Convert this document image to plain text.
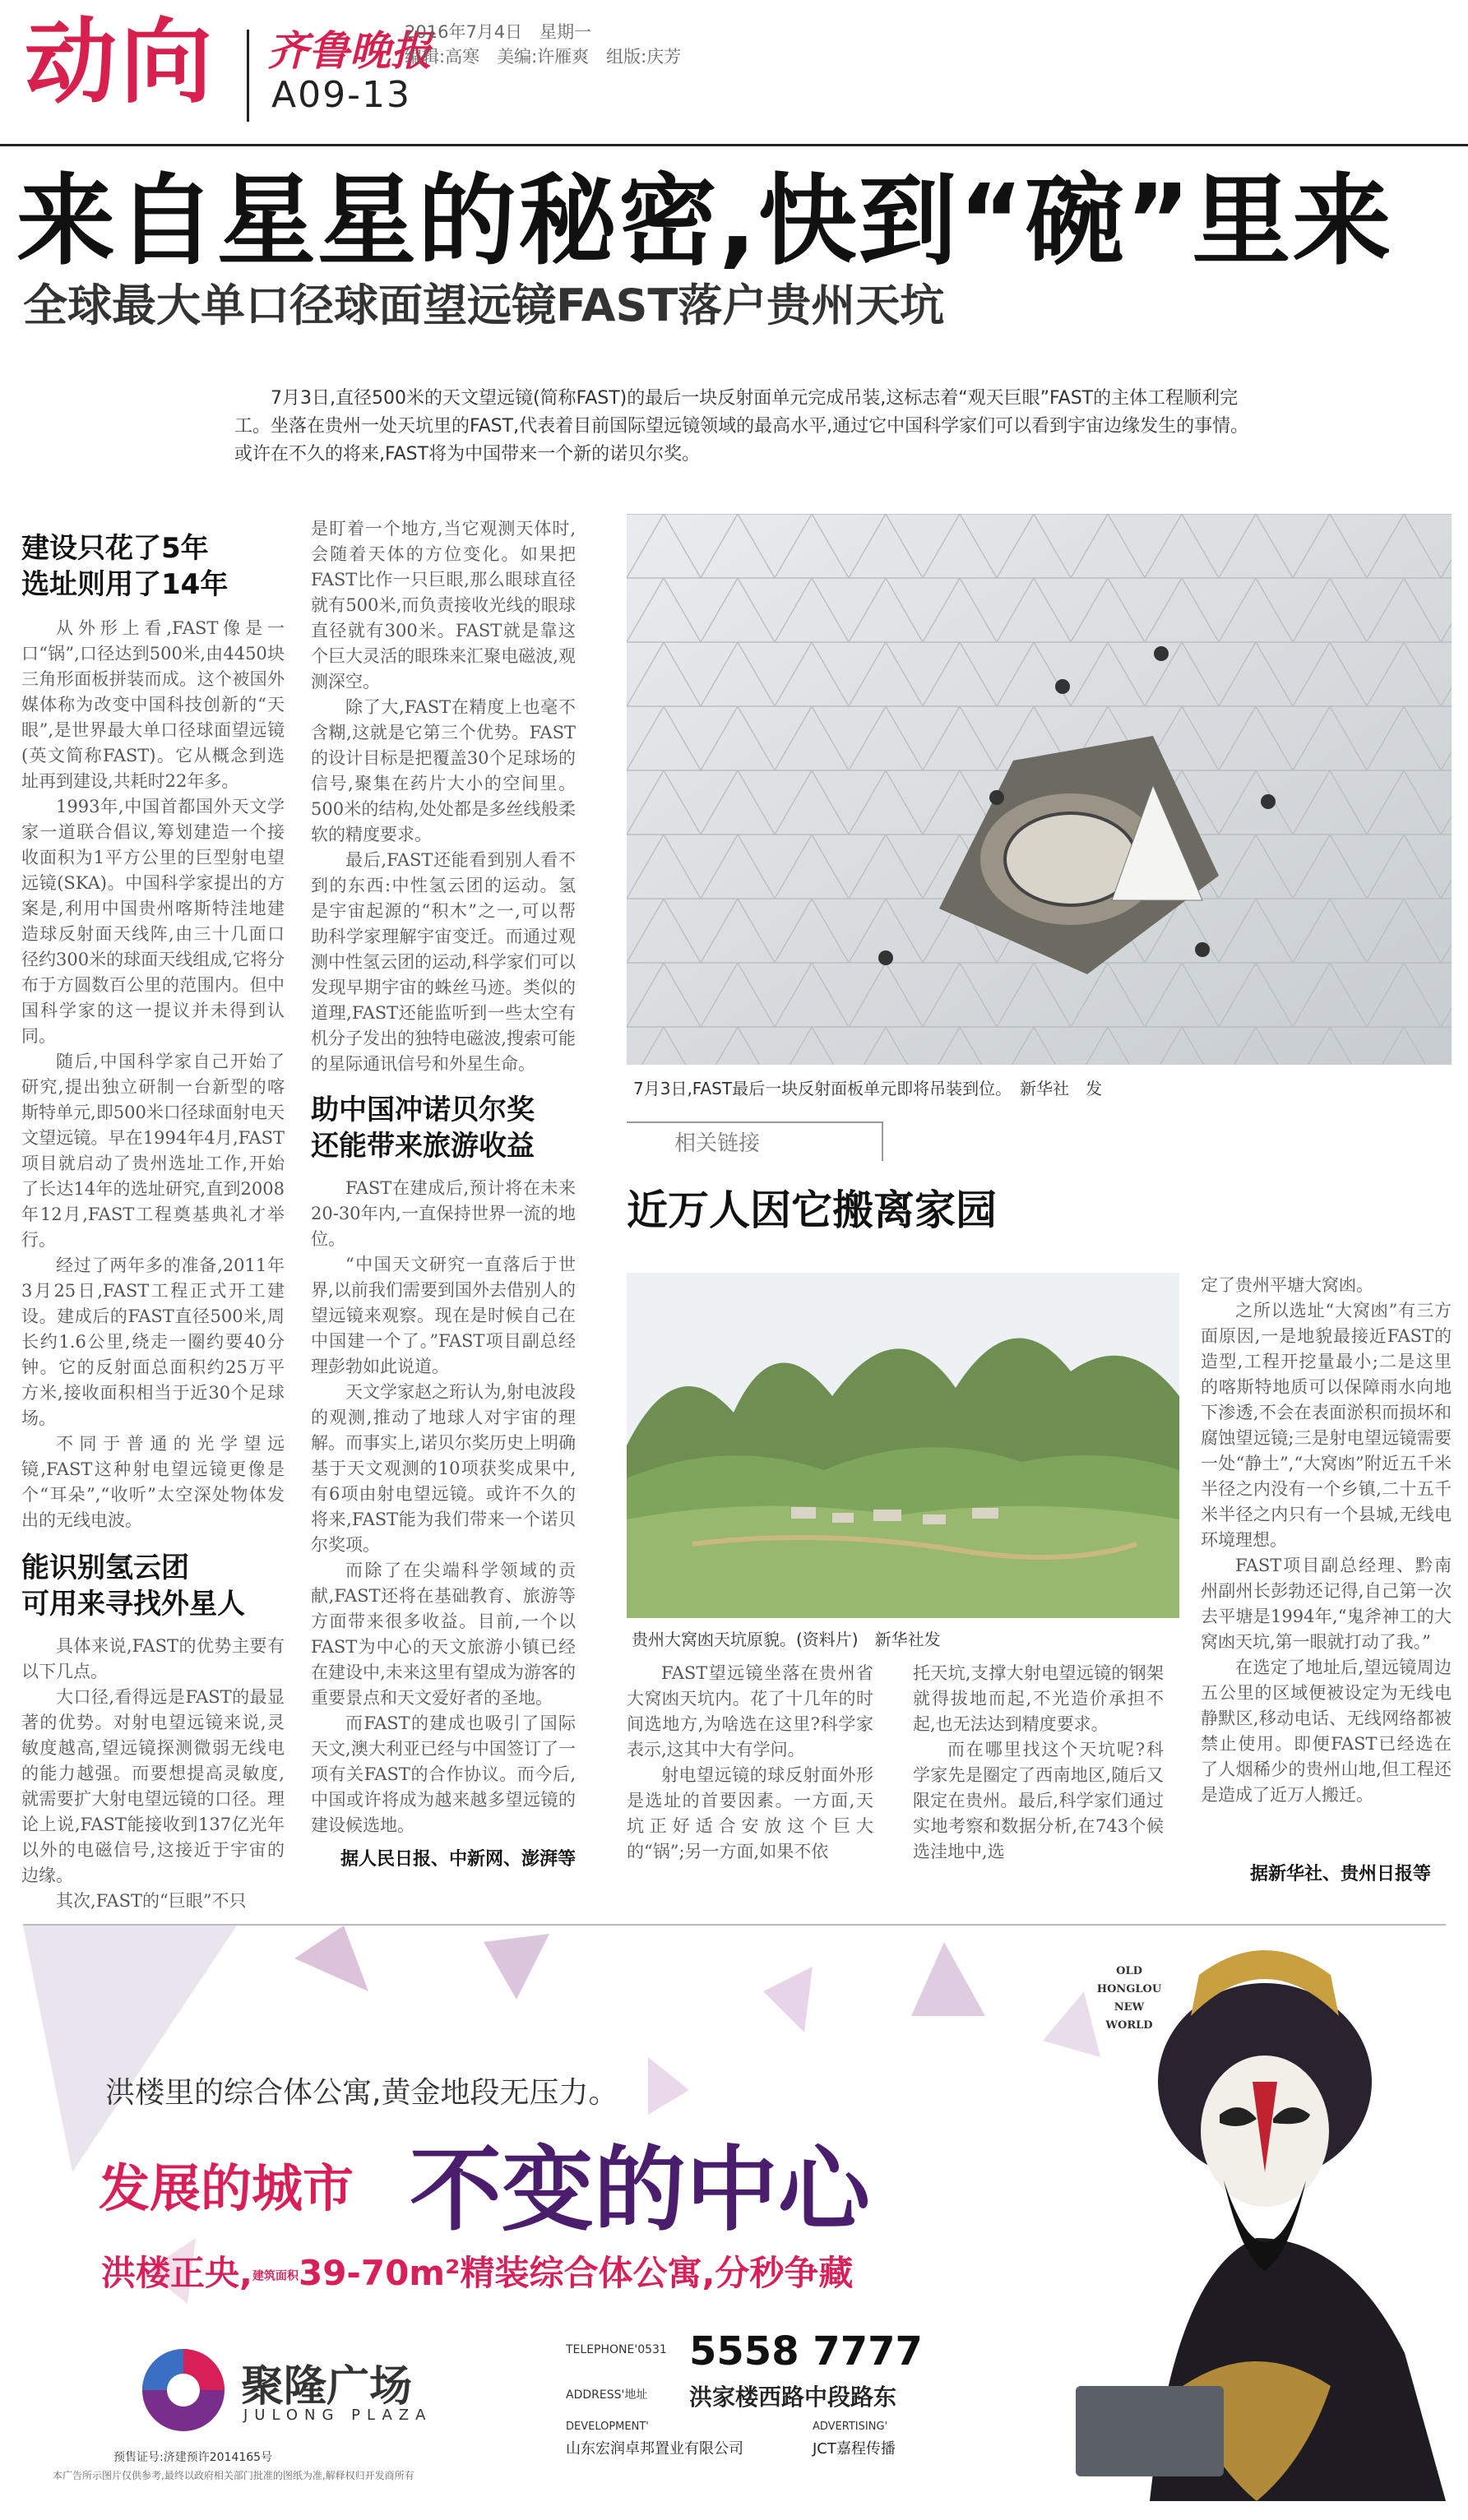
动向 齐鲁晚报
A09-13
2016年7月4日　星期一
编辑:高寒　美编:许雁爽　组版:庆芳
来自星星的秘密,快到“碗”里来
全球最大单口径球面望远镜FAST落户贵州天坑
7月3日,直径500米的天文望远镜(简称FAST)的最后一块反射面单元完成吊装,这标志着“观天巨眼”FAST的主体工程顺利完工。坐落在贵州一处天坑里的FAST,代表着目前国际望远镜领域的最高水平,通过它中国科学家们可以看到宇宙边缘发生的事情。或许在不久的将来,FAST将为中国带来一个新的诺贝尔奖。
建设只花了5年
选址则用了14年

从外形上看,FAST像是一口“锅”,口径达到500米,由4450块三角形面板拼装而成。这个被国外媒体称为改变中国科技创新的“天眼”,是世界最大单口径球面望远镜(英文简称FAST)。它从概念到选址再到建设,共耗时22年多。

1993年,中国首都国外天文学家一道联合倡议,筹划建造一个接收面积为1平方公里的巨型射电望远镜(SKA)。中国科学家提出的方案是,利用中国贵州喀斯特洼地建造球反射面天线阵,由三十几面口径约300米的球面天线组成,它将分布于方圆数百公里的范围内。但中国科学家的这一提议并未得到认同。

随后,中国科学家自己开始了研究,提出独立研制一台新型的喀斯特单元,即500米口径球面射电天文望远镜。早在1994年4月,FAST项目就启动了贵州选址工作,开始了长达14年的选址研究,直到2008年12月,FAST工程奠基典礼才举行。

经过了两年多的准备,2011年3月25日,FAST工程正式开工建设。建成后的FAST直径500米,周长约1.6公里,绕走一圈约要40分钟。它的反射面总面积约25万平方米,接收面积相当于近30个足球场。

不同于普通的光学望远镜,FAST这种射电望远镜更像是个“耳朵”,“收听”太空深处物体发出的无线电波。

能识别氢云团
可用来寻找外星人

具体来说,FAST的优势主要有以下几点。

大口径,看得远是FAST的最显著的优势。对射电望远镜来说,灵敏度越高,望远镜探测微弱无线电的能力越强。而要想提高灵敏度,就需要扩大射电望远镜的口径。理论上说,FAST能接收到137亿光年以外的电磁信号,这接近于宇宙的边缘。

其次,FAST的“巨眼”不只

是盯着一个地方,当它观测天体时,会随着天体的方位变化。如果把FAST比作一只巨眼,那么眼球直径就有500米,而负责接收光线的眼球直径就有300米。FAST就是靠这个巨大灵活的眼珠来汇聚电磁波,观测深空。

除了大,FAST在精度上也毫不含糊,这就是它第三个优势。FAST的设计目标是把覆盖30个足球场的信号,聚集在药片大小的空间里。500米的结构,处处都是多丝线般柔软的精度要求。

最后,FAST还能看到别人看不到的东西:中性氢云团的运动。氢是宇宙起源的“积木”之一,可以帮助科学家理解宇宙变迁。而通过观测中性氢云团的运动,科学家们可以发现早期宇宙的蛛丝马迹。类似的道理,FAST还能监听到一些太空有机分子发出的独特电磁波,搜索可能的星际通讯信号和外星生命。

助中国冲诺贝尔奖
还能带来旅游收益

FAST在建成后,预计将在未来20-30年内,一直保持世界一流的地位。

“中国天文研究一直落后于世界,以前我们需要到国外去借别人的望远镜来观察。现在是时候自己在中国建一个了。”FAST项目副总经理彭勃如此说道。

天文学家赵之珩认为,射电波段的观测,推动了地球人对宇宙的理解。而事实上,诺贝尔奖历史上明确基于天文观测的10项获奖成果中,有6项由射电望远镜。或许不久的将来,FAST能为我们带来一个诺贝尔奖项。

而除了在尖端科学领域的贡献,FAST还将在基础教育、旅游等方面带来很多收益。目前,一个以FAST为中心的天文旅游小镇已经在建设中,未来这里有望成为游客的重要景点和天文爱好者的圣地。

而FAST的建成也吸引了国际天文,澳大利亚已经与中国签订了一项有关FAST的合作协议。而今后,中国或许将成为越来越多望远镜的建设候选地。

据人民日报、中新网、澎湃等
7月3日,FAST最后一块反射面板单元即将吊装到位。　新华社　发
相关链接
近万人因它搬离家园
贵州大窝凼天坑原貌。(资料片)　新华社发

FAST望远镜坐落在贵州省大窝凼天坑内。花了十几年的时间选地方,为啥选在这里?科学家表示,这其中大有学问。

射电望远镜的球反射面外形是选址的首要因素。一方面,天坑正好适合安放这个巨大的“锅”;另一方面,如果不依

托天坑,支撑大射电望远镜的钢架就得拔地而起,不光造价承担不起,也无法达到精度要求。

而在哪里找这个天坑呢?科学家先是圈定了西南地区,随后又限定在贵州。最后,科学家们通过实地考察和数据分析,在743个候选洼地中,选

定了贵州平塘大窝凼。

之所以选址“大窝凼”有三方面原因,一是地貌最接近FAST的造型,工程开挖量最小;二是这里的喀斯特地质可以保障雨水向地下渗透,不会在表面淤积而损坏和腐蚀望远镜;三是射电望远镜需要一处“静土”,“大窝凼”附近五千米半径之内没有一个乡镇,二十五千米半径之内只有一个县城,无线电环境理想。

FAST项目副总经理、黔南州副州长彭勃还记得,自己第一次去平塘是1994年,“鬼斧神工的大窝凼天坑,第一眼就打动了我。”

在选定了地址后,望远镜周边五公里的区域便被设定为无线电静默区,移动电话、无线网络都被禁止使用。即便FAST已经选在了人烟稀少的贵州山地,但工程还是造成了近万人搬迁。

据新华社、贵州日报等
洪楼里的综合体公寓,黄金地段无压力。
发展的城市 不变的中心
洪楼正央,建筑面积39-70m²精装综合体公寓,分秒争藏
聚隆广场
JULONG PLAZA
TELEPHONE'0531 5558 7777
ADDRESS'地址 洪家楼西路中段路东
DEVELOPMENT'
山东宏润卓邦置业有限公司
ADVERTISING'
JCT嘉程传播
预售证号:济建预许2014165号
本广告所示图片仅供参考,最终以政府相关部门批准的图纸为准,解释权归开发商所有
OLD HONGLOU NEW WORLD
